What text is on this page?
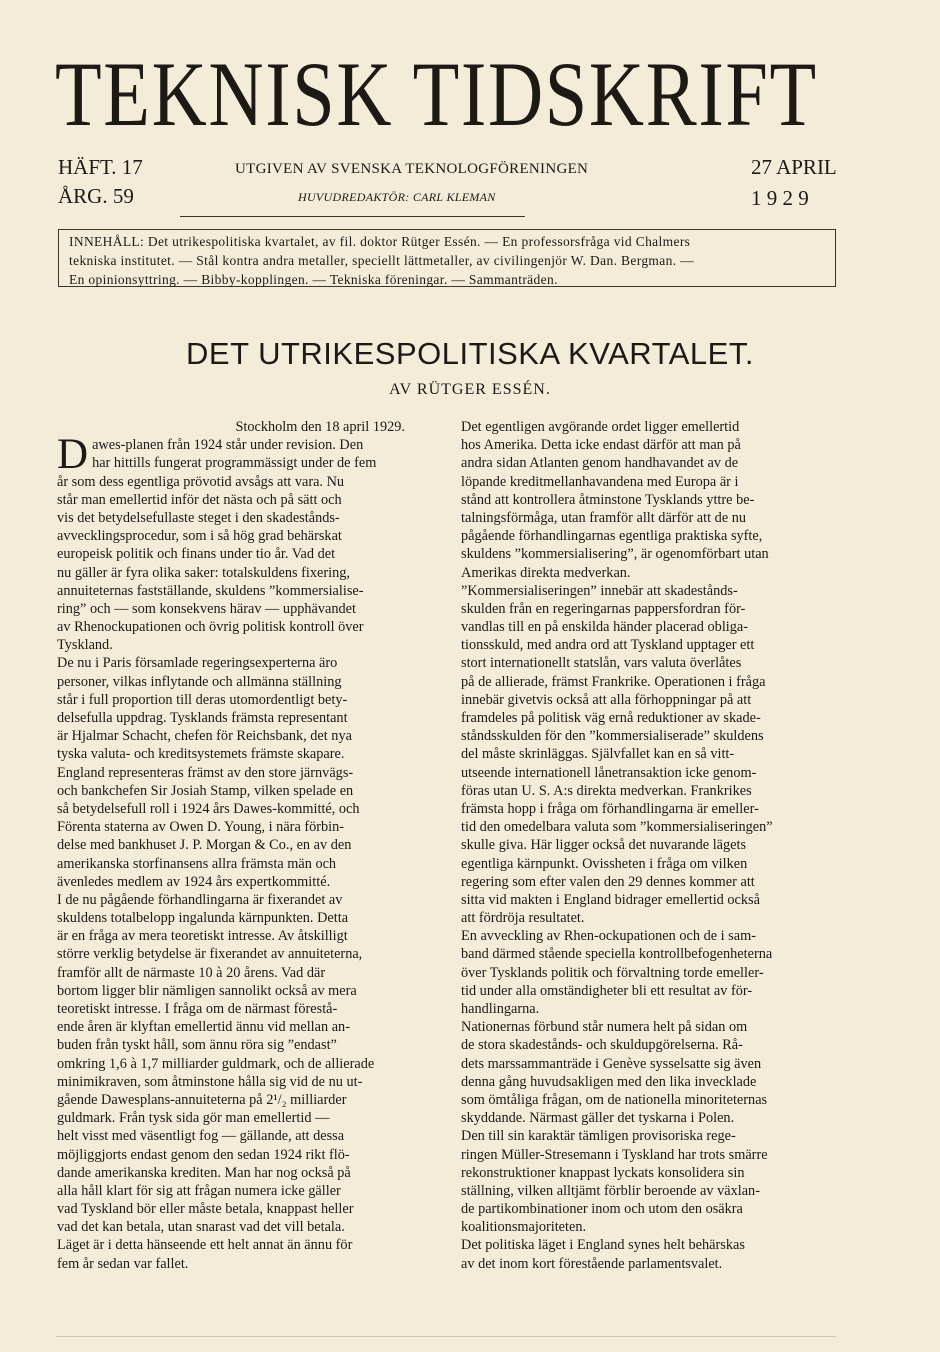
TEKNISK TIDSKRIFT
HÄFT. 17
ÅRG. 59
UTGIVEN AV SVENSKA TEKNOLOGFÖRENINGEN
HUVUDREDAKTÖR: CARL KLEMAN
27 APRIL
1 9 2 9
INNEHÅLL: Det utrikespolitiska kvartalet, av fil. doktor Rütger Essén. — En professorsfråga vid Chalmers
tekniska institutet. — Stål kontra andra metaller, speciellt lättmetaller, av civilingenjör W. Dan. Bergman. —
En opinionsyttring. — Bibby-kopplingen. — Tekniska föreningar. — Sammanträden.
DET UTRIKESPOLITISKA KVARTALET.
AV RÜTGER ESSÉN.
Stockholm den 18 april 1929.
D awes-planen från 1924 står under revision. Den
har hittills fungerat programmässigt under de fem
år som dess egentliga prövotid avsågs att vara. Nu
står man emellertid inför det nästa och på sätt och
vis det betydelsefullaste steget i den skadestånds-
avvecklingsprocedur, som i så hög grad behärskat
europeisk politik och finans under tio år. Vad det
nu gäller är fyra olika saker: totalskuldens fixering,
annuiteternas fastställande, skuldens ”kommersialise-
ring” och — som konsekvens härav — upphävandet
av Rhenockupationen och övrig politisk kontroll över
Tyskland.
De nu i Paris församlade regeringsexperterna äro
personer, vilkas inflytande och allmänna ställning
står i full proportion till deras utomordentligt bety-
delsefulla uppdrag. Tysklands främsta representant
är Hjalmar Schacht, chefen för Reichsbank, det nya
tyska valuta- och kreditsystemets främste skapare.
England representeras främst av den store järnvägs-
och bankchefen Sir Josiah Stamp, vilken spelade en
så betydelsefull roll i 1924 års Dawes-kommitté, och
Förenta staterna av Owen D. Young, i nära förbin-
delse med bankhuset J. P. Morgan & Co., en av den
amerikanska storfinansens allra främsta män och
ävenledes medlem av 1924 års expertkommitté.
I de nu pågående förhandlingarna är fixerandet av
skuldens totalbelopp ingalunda kärnpunkten. Detta
är en fråga av mera teoretiskt intresse. Av åtskilligt
större verklig betydelse är fixerandet av annuiteterna,
framför allt de närmaste 10 à 20 årens. Vad där
bortom ligger blir nämligen sannolikt också av mera
teoretiskt intresse. I fråga om de närmast förestå-
ende åren är klyftan emellertid ännu vid mellan an-
buden från tyskt håll, som ännu röra sig ”endast”
omkring 1,6 à 1,7 milliarder guldmark, och de allierade
minimikraven, som åtminstone hålla sig vid de nu ut-
gående Dawesplans-annuiteterna på 2¹/₂ milliarder
guldmark. Från tysk sida gör man emellertid —
helt visst med väsentligt fog — gällande, att dessa
möjliggjorts endast genom den sedan 1924 rikt flö-
dande amerikanska krediten. Man har nog också på
alla håll klart för sig att frågan numera icke gäller
vad Tyskland bör eller måste betala, knappast heller
vad det kan betala, utan snarast vad det vill betala.
Läget är i detta hänseende ett helt annat än ännu för
fem år sedan var fallet.
Det egentligen avgörande ordet ligger emellertid
hos Amerika. Detta icke endast därför att man på
andra sidan Atlanten genom handhavandet av de
löpande kreditmellanhavandena med Europa är i
stånd att kontrollera åtminstone Tysklands yttre be-
talningsförmåga, utan framför allt därför att de nu
pågående förhandlingarnas egentliga praktiska syfte,
skuldens ”kommersialisering”, är ogenomförbart utan
Amerikas direkta medverkan.
”Kommersialiseringen” innebär att skadestånds-
skulden från en regeringarnas pappersfordran för-
vandlas till en på enskilda händer placerad obliga-
tionsskuld, med andra ord att Tyskland upptager ett
stort internationellt statslån, vars valuta överlåtes
på de allierade, främst Frankrike. Operationen i fråga
innebär givetvis också att alla förhoppningar på att
framdeles på politisk väg ernå reduktioner av skade-
ståndsskulden för den ”kommersialiserade” skuldens
del måste skrinläggas. Självfallet kan en så vitt-
utseende internationell lånetransaktion icke genom-
föras utan U. S. A:s direkta medverkan. Frankrikes
främsta hopp i fråga om förhandlingarna är emeller-
tid den omedelbara valuta som ”kommersialiseringen”
skulle giva. Här ligger också det nuvarande lägets
egentliga kärnpunkt. Ovissheten i fråga om vilken
regering som efter valen den 29 dennes kommer att
sitta vid makten i England bidrager emellertid också
att fördröja resultatet.
En avveckling av Rhen-ockupationen och de i sam-
band därmed stående speciella kontrollbefogenheterna
över Tysklands politik och förvaltning torde emeller-
tid under alla omständigheter bli ett resultat av för-
handlingarna.
Nationernas förbund står numera helt på sidan om
de stora skadestånds- och skuldupgörelserna. Rå-
dets marssammanträde i Genève sysselsatte sig även
denna gång huvudsakligen med den lika invecklade
som ömtåliga frågan, om de nationella minoriteternas
skyddande. Närmast gäller det tyskarna i Polen.
Den till sin karaktär tämligen provisoriska rege-
ringen Müller-Stresemann i Tyskland har trots smärre
rekonstruktioner knappast lyckats konsolidera sin
ställning, vilken alltjämt förblir beroende av växlan-
de partikombinationer inom och utom den osäkra
koalitionsmajoriteten.
Det politiska läget i England synes helt behärskas
av det inom kort förestående parlamentsvalet.
